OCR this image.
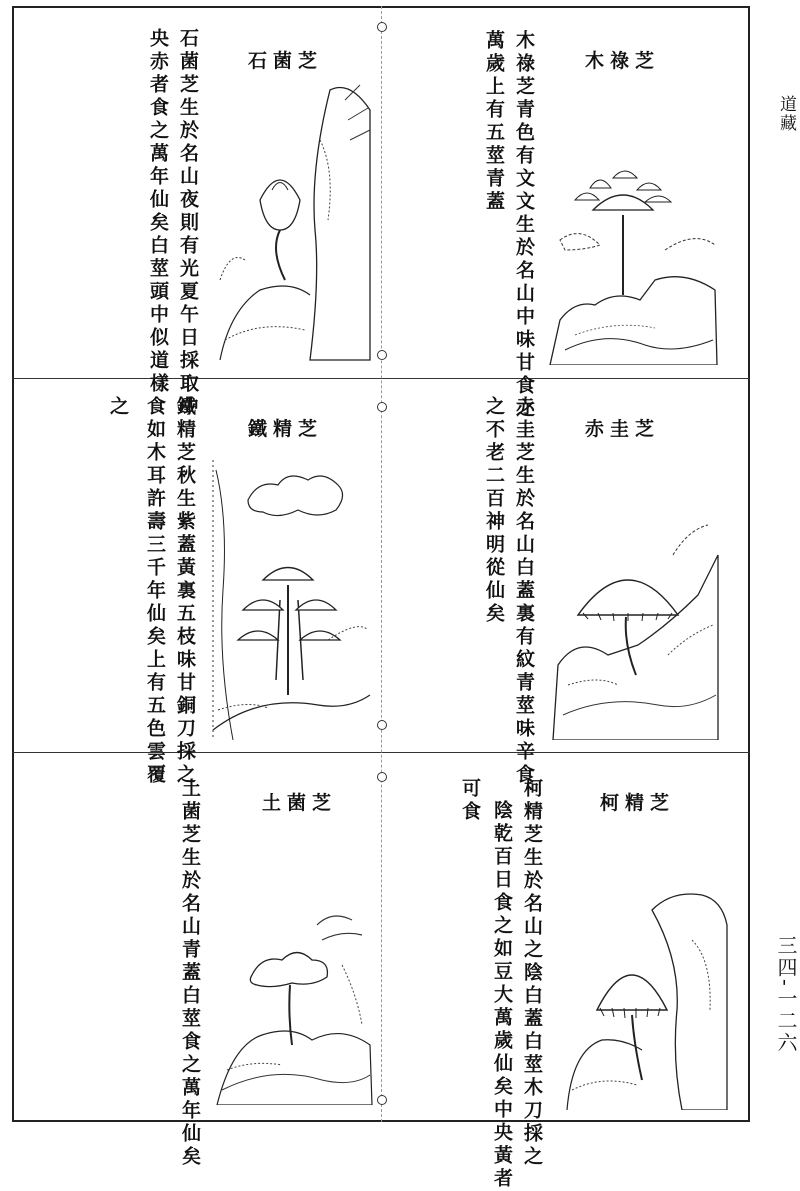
道藏
三四-一二六
木祿芝
木祿芝青色有文文生於名山中味甘食之
萬歲上有五莖青蓋
石菌芝
石菌芝生於名山夜則有光夏午日採取中
央赤者食之萬年仙矣白莖頭中似道樣
赤圭芝
赤圭芝生於名山白蓋裏有紋青莖味辛食
之不老二百神明從仙矣
鐵精芝
鐵精芝秋生紫蓋黃裏五枝味甘銅刀採之
食如木耳許壽三千年仙矣上有五色雲覆
之
柯精芝
柯精芝生於名山之陰白蓋白莖木刀採之
陰乾百日食之如豆大萬歲仙矣中央黃者
可食
土菌芝
土菌芝生於名山青蓋白莖食之萬年仙矣
